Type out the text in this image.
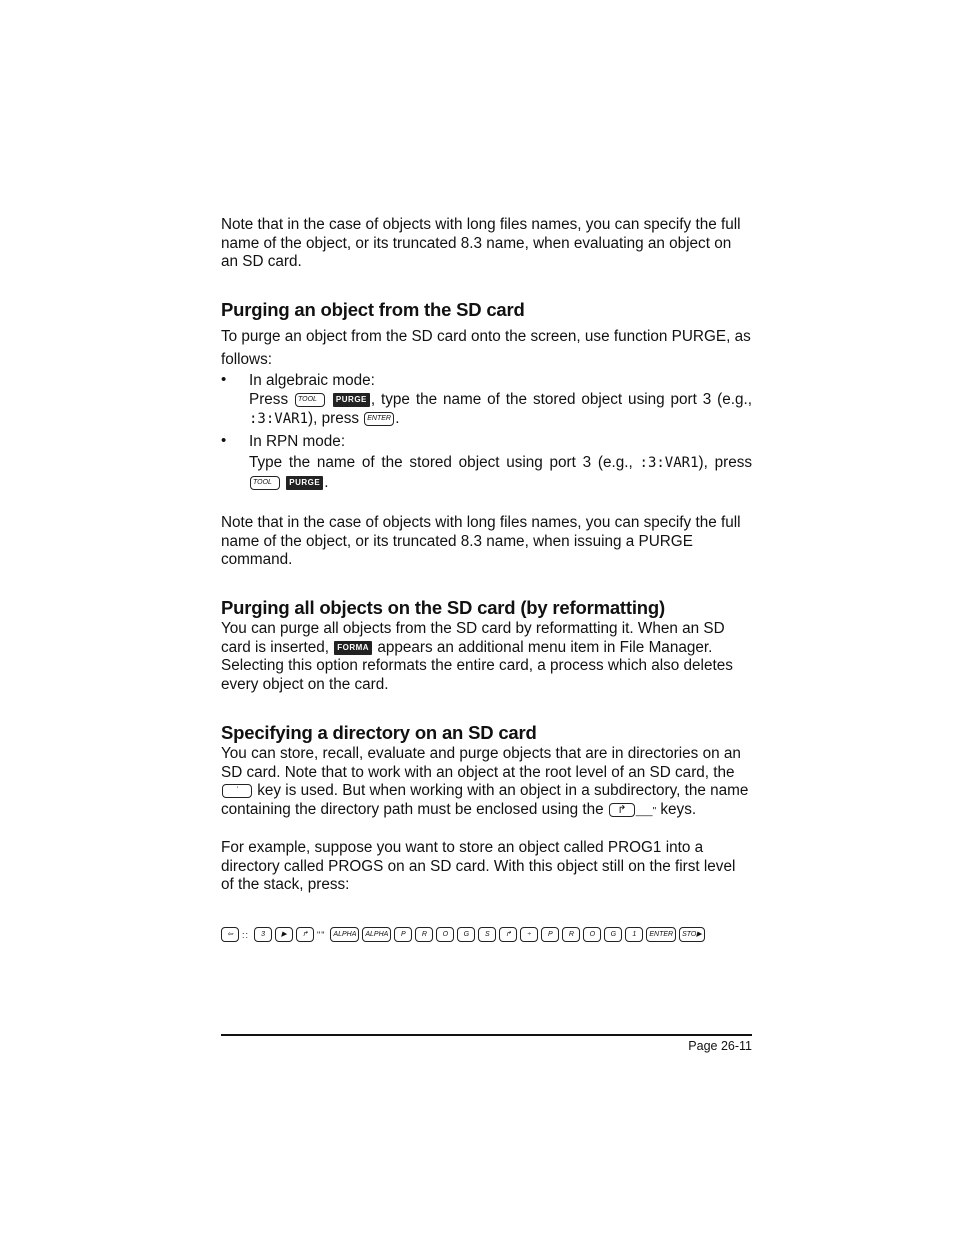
Note that in the case of objects with long files names, you can specify the full name of the object, or its truncated 8.3 name, when evaluating an object on an SD card.

Purging an object from the SD card

To purge an object from the SD card onto the screen, use function PURGE, as

follows:

• In algebraic mode:
Press TOOL PURGE , type the name of the stored object using port 3 (e.g., :3:VAR1), press ENTER .
• In RPN mode:
Type the name of the stored object using port 3 (e.g., :3:VAR1), press TOOL PURGE .

Note that in the case of objects with long files names, you can specify the full name of the object, or its truncated 8.3 name, when issuing a PURGE command.

Purging all objects on the SD card (by reformatting)

You can purge all objects from the SD card by reformatting it. When an SD card is inserted, FORMA appears an additional menu item in File Manager. Selecting this option reformats the entire card, a process which also deletes every object on the card.

Specifying a directory on an SD card

You can store, recall, evaluate and purge objects that are in directories on an SD card. Note that to work with an object at the root level of an SD card, the ʼ key is used. But when working with an object in a subdirectory, the name containing the directory path must be enclosed using the ↱ ___" keys.

For example, suppose you want to store an object called PROG1 into a directory called PROGS on an SD card. With this object still on the first level of the stack, press:

⇦ :: 3 ▶ ↱ "" ALPHA ALPHA P R O G S ↱ ÷ P R O G 1 ENTER STO▶
Page 26-11
